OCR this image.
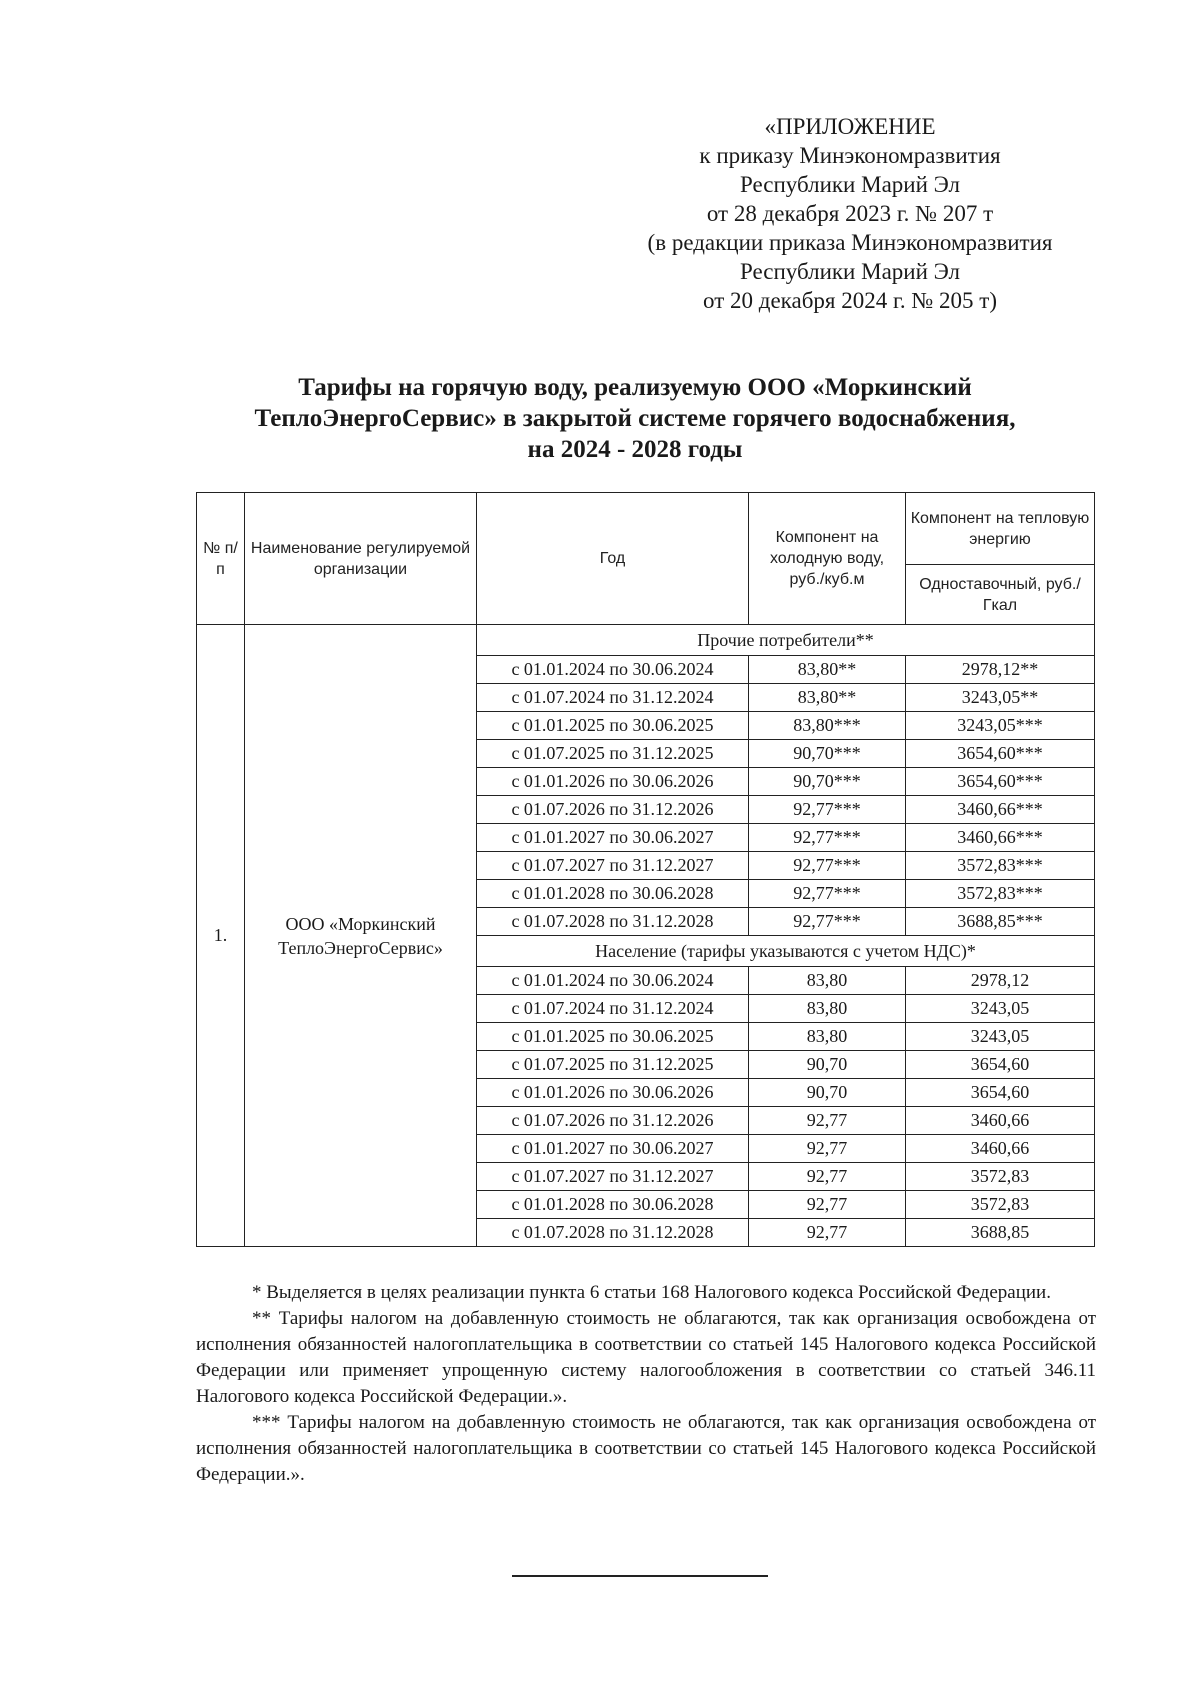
«ПРИЛОЖЕНИЕ
к приказу Минэкономразвития
Республики Марий Эл
от 28 декабря 2023 г. № 207 т
(в редакции приказа Минэкономразвития
Республики Марий Эл
от 20 декабря 2024 г. № 205 т)
Тарифы на горячую воду, реализуемую ООО «Моркинский
ТеплоЭнергоСервис» в закрытой системе горячего водоснабжения,
на 2024 - 2028 годы
№ п/п	Наименование регулируемой организации	Год	Компонент на холодную воду, руб./куб.м	Компонент на тепловую энергию
				Одноставочный, руб./Гкал
1.	ООО «Моркинский ТеплоЭнергоСервис»	Прочие потребители**		
		с 01.01.2024 по 30.06.2024	83,80**	2978,12**
		с 01.07.2024 по 31.12.2024	83,80**	3243,05**
		с 01.01.2025 по 30.06.2025	83,80***	3243,05***
		с 01.07.2025 по 31.12.2025	90,70***	3654,60***
		с 01.01.2026 по 30.06.2026	90,70***	3654,60***
		с 01.07.2026 по 31.12.2026	92,77***	3460,66***
		с 01.01.2027 по 30.06.2027	92,77***	3460,66***
		с 01.07.2027 по 31.12.2027	92,77***	3572,83***
		с 01.01.2028 по 30.06.2028	92,77***	3572,83***
		с 01.07.2028 по 31.12.2028	92,77***	3688,85***
		Население (тарифы указываются с учетом НДС)*		
		с 01.01.2024 по 30.06.2024	83,80	2978,12
		с 01.07.2024 по 31.12.2024	83,80	3243,05
		с 01.01.2025 по 30.06.2025	83,80	3243,05
		с 01.07.2025 по 31.12.2025	90,70	3654,60
		с 01.01.2026 по 30.06.2026	90,70	3654,60
		с 01.07.2026 по 31.12.2026	92,77	3460,66
		с 01.01.2027 по 30.06.2027	92,77	3460,66
		с 01.07.2027 по 31.12.2027	92,77	3572,83
		с 01.01.2028 по 30.06.2028	92,77	3572,83
		с 01.07.2028 по 31.12.2028	92,77	3688,85

* Выделяется в целях реализации пункта 6 статьи 168 Налогового кодекса Российской Федерации.

** Тарифы налогом на добавленную стоимость не облагаются, так как организация освобождена от исполнения обязанностей налогоплательщика в соответствии со статьей 145 Налогового кодекса Российской Федерации или применяет упрощенную систему налогообложения в соответствии со статьей 346.11 Налогового кодекса Российской Федерации.».

*** Тарифы налогом на добавленную стоимость не облагаются, так как организация освобождена от исполнения обязанностей налогоплательщика в соответствии со статьей 145 Налогового кодекса Российской Федерации.».
